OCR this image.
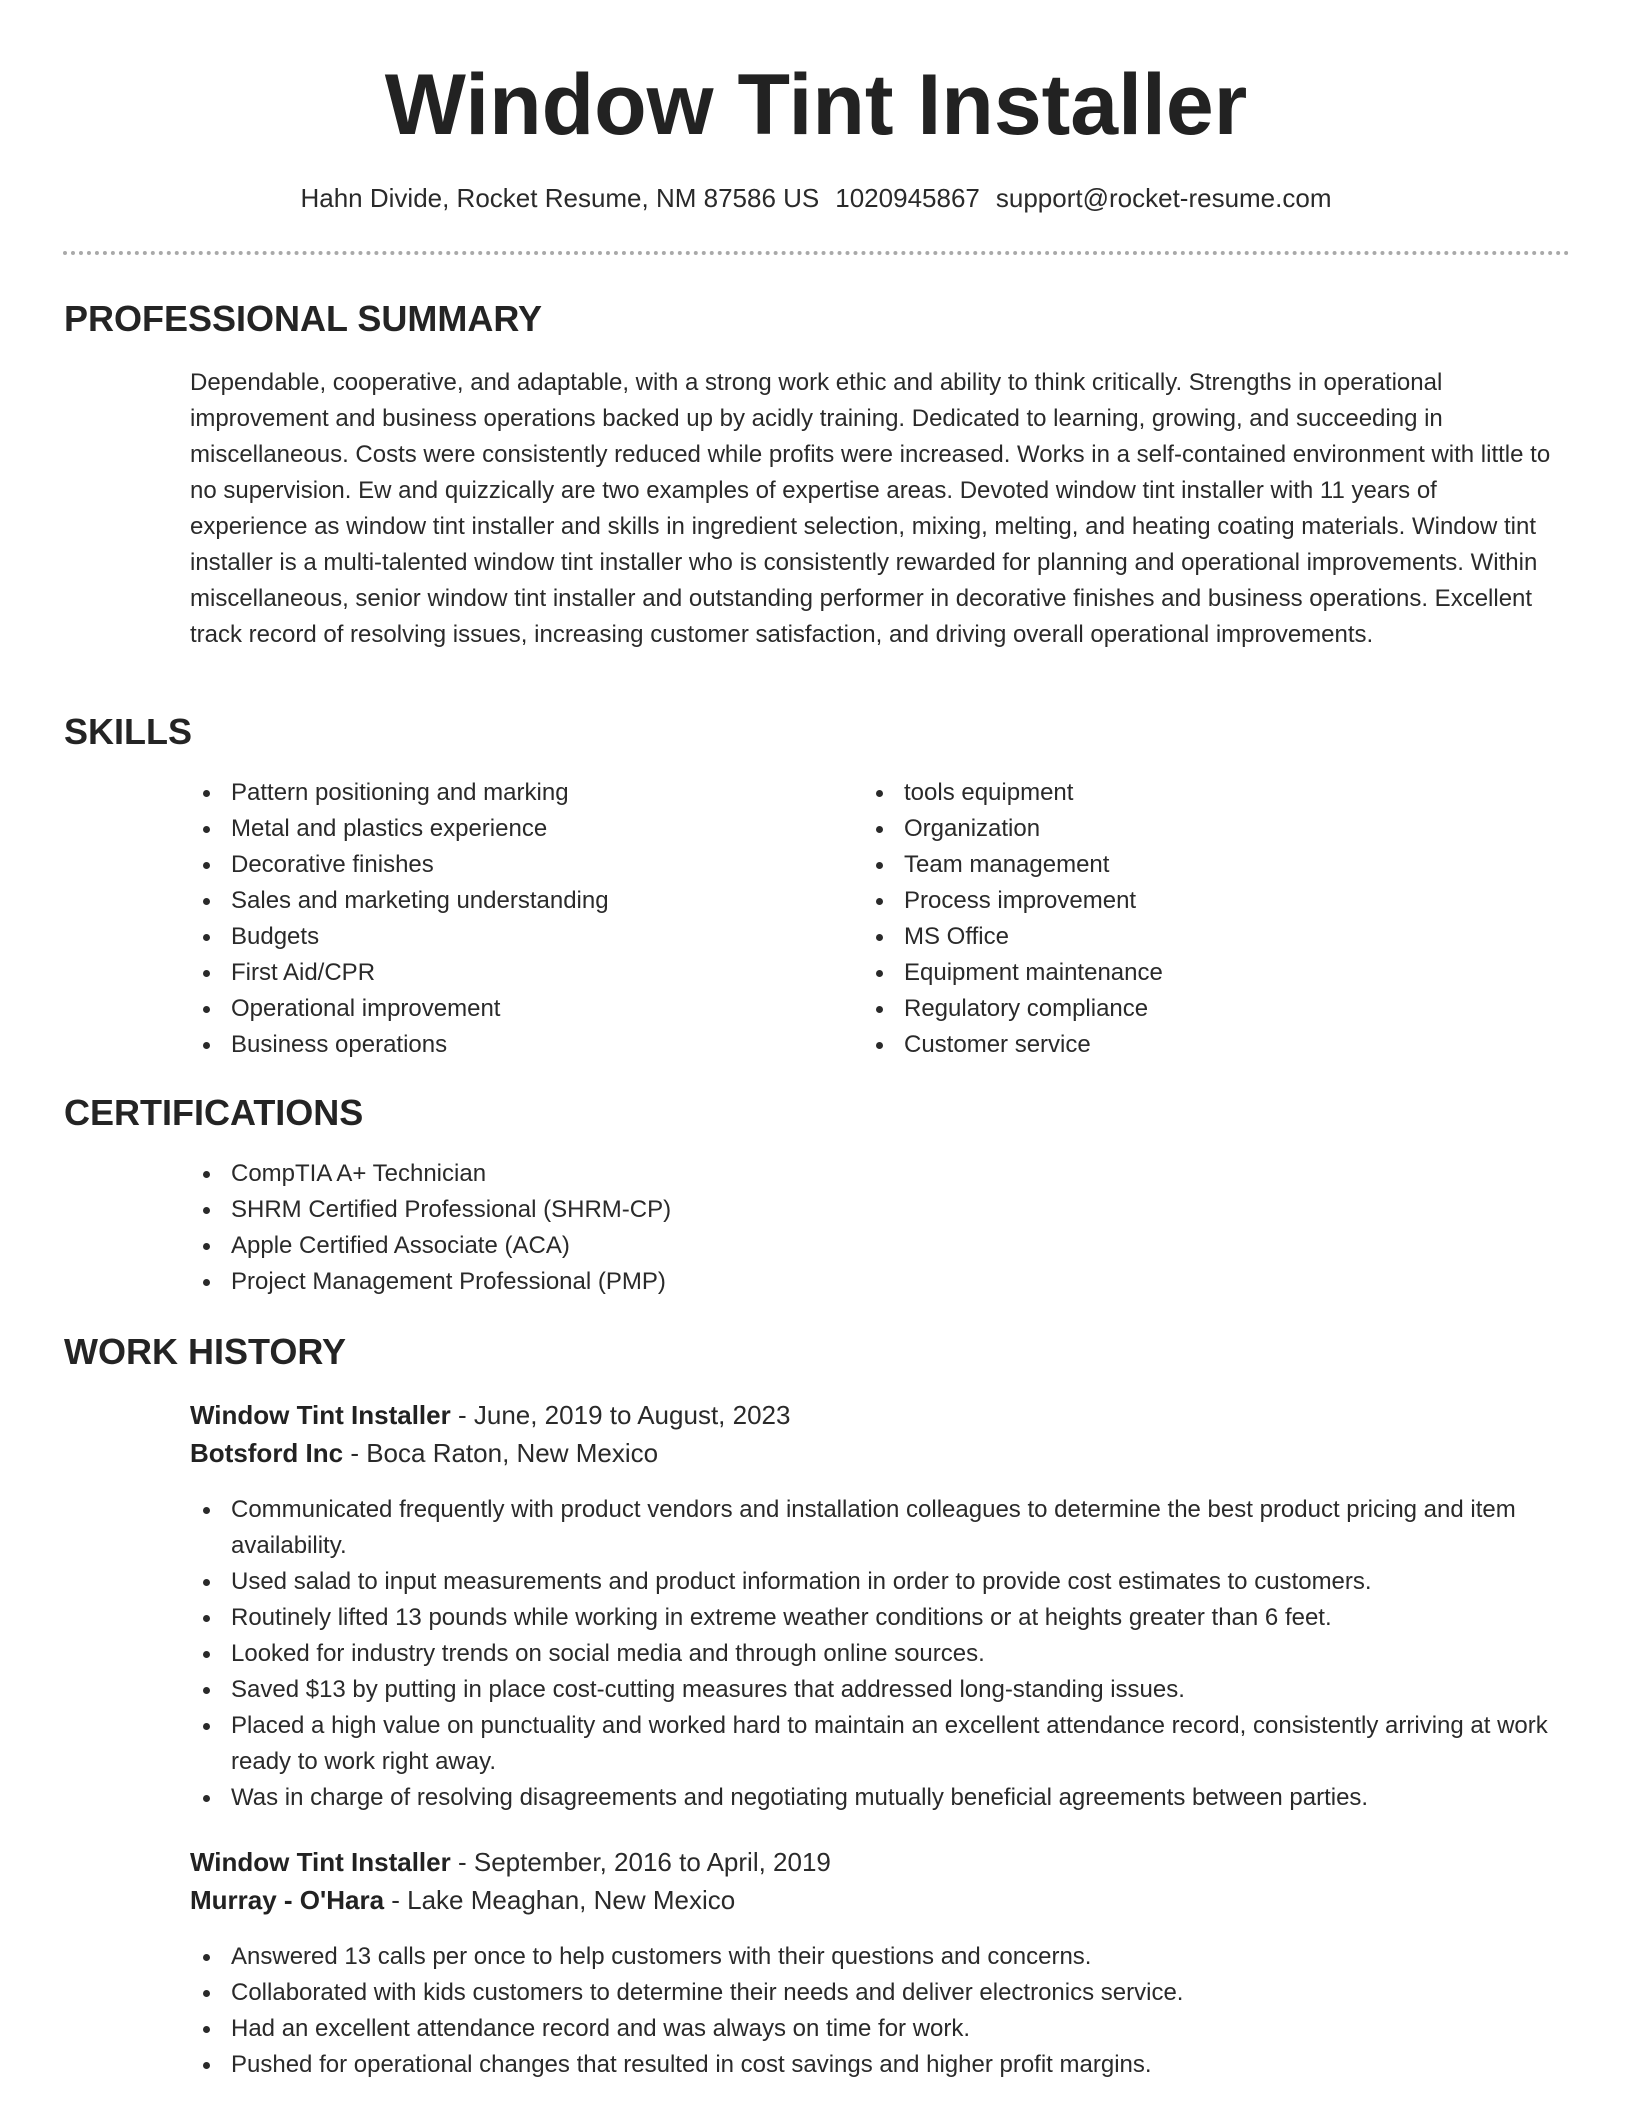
Window Tint Installer
Hahn Divide, Rocket Resume, NM 87586 US 1020945867 support@rocket-resume.com
PROFESSIONAL SUMMARY

Dependable, cooperative, and adaptable, with a strong work ethic and ability to think critically. Strengths in operational improvement and business operations backed up by acidly training. Dedicated to learning, growing, and succeeding in miscellaneous. Costs were consistently reduced while profits were increased. Works in a self-contained environment with little to no supervision. Ew and quizzically are two examples of expertise areas. Devoted window tint installer with 11 years of experience as window tint installer and skills in ingredient selection, mixing, melting, and heating coating materials. Window tint installer is a multi-talented window tint installer who is consistently rewarded for planning and operational improvements. Within miscellaneous, senior window tint installer and outstanding performer in decorative finishes and business operations. Excellent track record of resolving issues, increasing customer satisfaction, and driving overall operational improvements.

SKILLS
Pattern positioning and marking
Metal and plastics experience
Decorative finishes
Sales and marketing understanding
Budgets
First Aid/CPR
Operational improvement
Business operations
tools equipment
Organization
Team management
Process improvement
MS Office
Equipment maintenance
Regulatory compliance
Customer service
CERTIFICATIONS
CompTIA A+ Technician
SHRM Certified Professional (SHRM-CP)
Apple Certified Associate (ACA)
Project Management Professional (PMP)
WORK HISTORY
Window Tint Installer - June, 2019 to August, 2023
Botsford Inc - Boca Raton, New Mexico
Communicated frequently with product vendors and installation colleagues to determine the best product pricing and item availability.
Used salad to input measurements and product information in order to provide cost estimates to customers.
Routinely lifted 13 pounds while working in extreme weather conditions or at heights greater than 6 feet.
Looked for industry trends on social media and through online sources.
Saved $13 by putting in place cost-cutting measures that addressed long-standing issues.
Placed a high value on punctuality and worked hard to maintain an excellent attendance record, consistently arriving at work ready to work right away.
Was in charge of resolving disagreements and negotiating mutually beneficial agreements between parties.
Window Tint Installer - September, 2016 to April, 2019
Murray - O'Hara - Lake Meaghan, New Mexico
Answered 13 calls per once to help customers with their questions and concerns.
Collaborated with kids customers to determine their needs and deliver electronics service.
Had an excellent attendance record and was always on time for work.
Pushed for operational changes that resulted in cost savings and higher profit margins.
